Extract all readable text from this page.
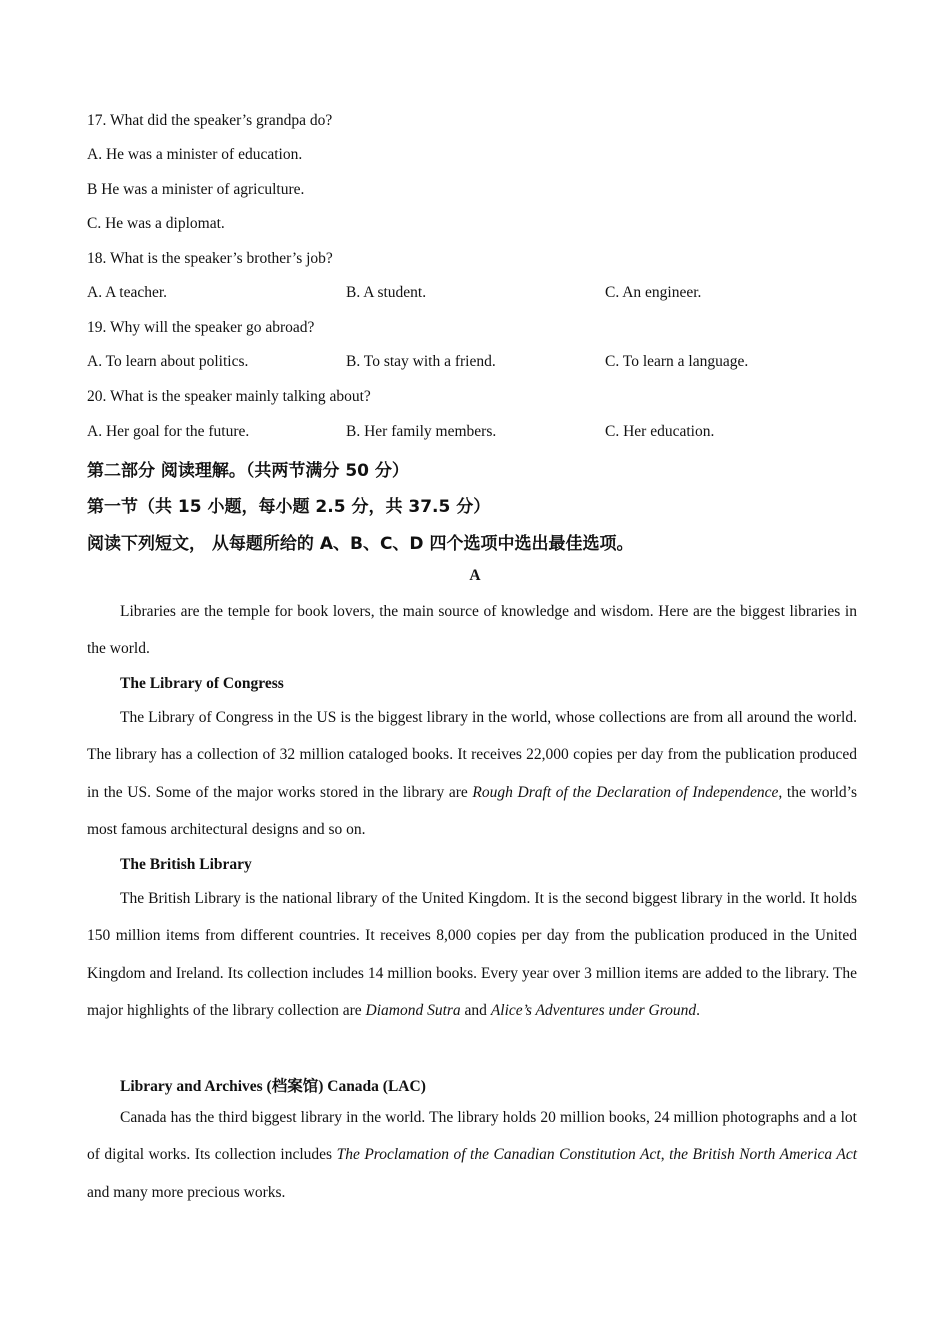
17. What did the speaker’s grandpa do?
A. He was a minister of education.
B He was a minister of agriculture.
C. He was a diplomat.
18. What is the speaker’s brother’s job?
A. A teacher.	B. A student.	C. An engineer.
19. Why will the speaker go abroad?
A. To learn about politics.	B. To stay with a friend.	C. To learn a language.
20. What is the speaker mainly talking about?
A. Her goal for the future.	B. Her family members.	C. Her education.
第二部分 阅读理解。（共两节满分 50 分）
第一节（共 15 小题，每小题 2.5 分，共 37.5 分）
阅读下列短文， 从每题所给的 A、B、C、D 四个选项中选出最佳选项。
A
Libraries are the temple for book lovers, the main source of knowledge and wisdom. Here are the biggest libraries in the world.
The Library of Congress
The Library of Congress in the US is the biggest library in the world, whose collections are from all around the world. The library has a collection of 32 million cataloged books. It receives 22,000 copies per day from the publication produced in the US. Some of the major works stored in the library are Rough Draft of the Declaration of Independence, the world’s most famous architectural designs and so on.
The British Library
The British Library is the national library of the United Kingdom. It is the second biggest library in the world. It holds 150 million items from different countries. It receives 8,000 copies per day from the publication produced in the United Kingdom and Ireland. Its collection includes 14 million books. Every year over 3 million items are added to the library. The major highlights of the library collection are Diamond Sutra and Alice’s Adventures under Ground.
Library and Archives (档案馆) Canada (LAC)
Canada has the third biggest library in the world. The library holds 20 million books, 24 million photographs and a lot of digital works. Its collection includes The Proclamation of the Canadian Constitution Act, the British North America Act and many more precious works.
